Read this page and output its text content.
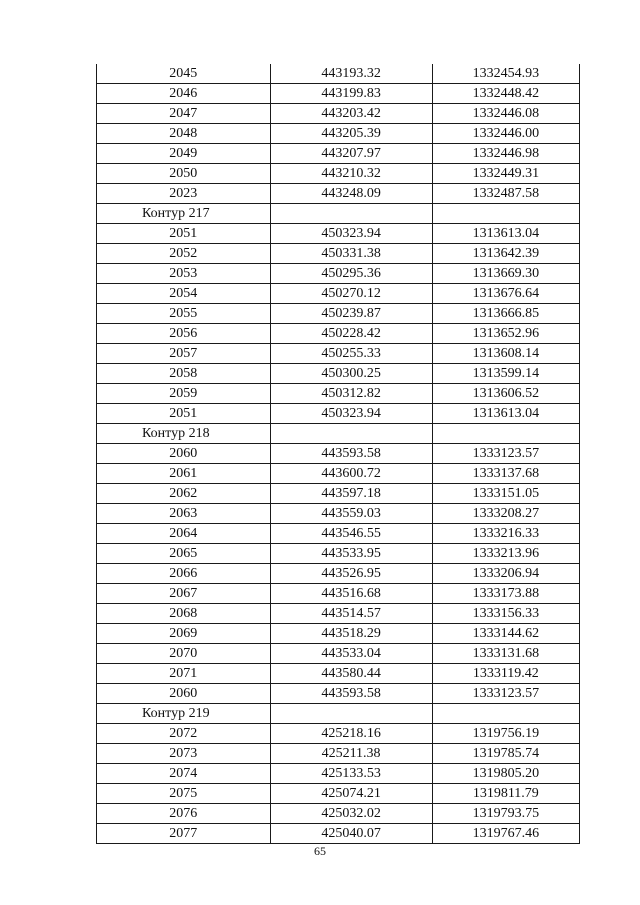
2045	443193.32	1332454.93
2046	443199.83	1332448.42
2047	443203.42	1332446.08
2048	443205.39	1332446.00
2049	443207.97	1332446.98
2050	443210.32	1332449.31
2023	443248.09	1332487.58
Контур 217		
2051	450323.94	1313613.04
2052	450331.38	1313642.39
2053	450295.36	1313669.30
2054	450270.12	1313676.64
2055	450239.87	1313666.85
2056	450228.42	1313652.96
2057	450255.33	1313608.14
2058	450300.25	1313599.14
2059	450312.82	1313606.52
2051	450323.94	1313613.04
Контур 218		
2060	443593.58	1333123.57
2061	443600.72	1333137.68
2062	443597.18	1333151.05
2063	443559.03	1333208.27
2064	443546.55	1333216.33
2065	443533.95	1333213.96
2066	443526.95	1333206.94
2067	443516.68	1333173.88
2068	443514.57	1333156.33
2069	443518.29	1333144.62
2070	443533.04	1333131.68
2071	443580.44	1333119.42
2060	443593.58	1333123.57
Контур 219		
2072	425218.16	1319756.19
2073	425211.38	1319785.74
2074	425133.53	1319805.20
2075	425074.21	1319811.79
2076	425032.02	1319793.75
2077	425040.07	1319767.46
65
